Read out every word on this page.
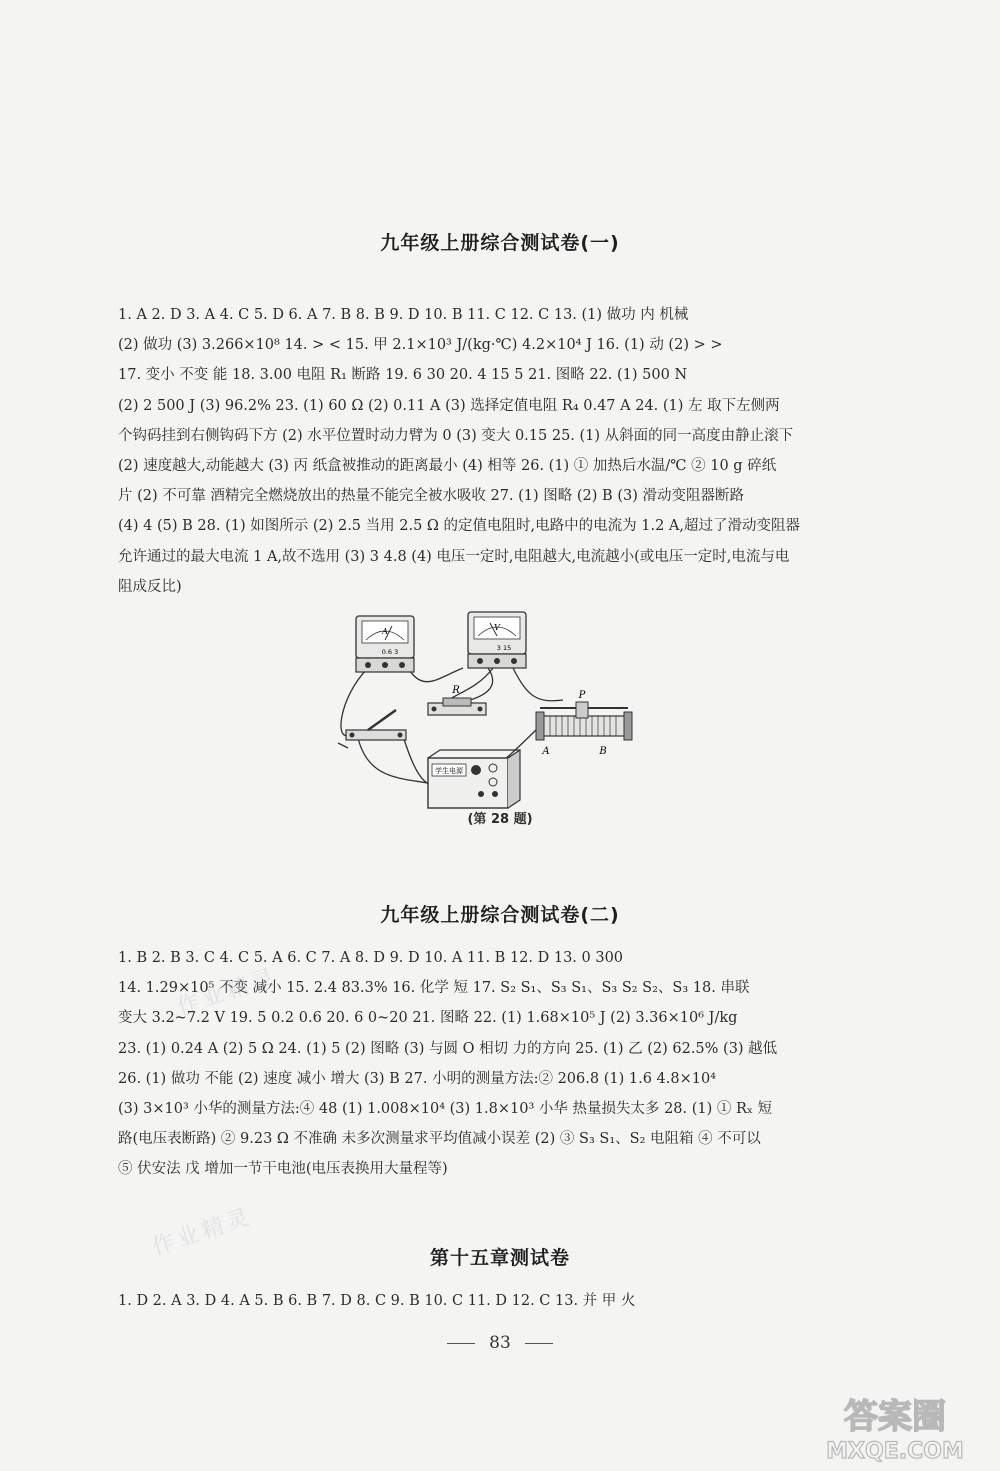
九年级上册综合测试卷(一)
1. A 2. D 3. A 4. C 5. D 6. A 7. B 8. B 9. D 10. B 11. C 12. C 13. (1) 做功 内 机械
(2) 做功 (3) 3.266×10⁸ 14. > < 15. 甲 2.1×10³ J/(kg·℃) 4.2×10⁴ J 16. (1) 动 (2) > >
17. 变小 不变 能 18. 3.00 电阻 R₁ 断路 19. 6 30 20. 4 15 5 21. 图略 22. (1) 500 N
(2) 2 500 J (3) 96.2% 23. (1) 60 Ω (2) 0.11 A (3) 选择定值电阻 R₄ 0.47 A 24. (1) 左 取下左侧两
个钩码挂到右侧钩码下方 (2) 水平位置时动力臂为 0 (3) 变大 0.15 25. (1) 从斜面的同一高度由静止滚下
(2) 速度越大,动能越大 (3) 丙 纸盒被推动的距离最小 (4) 相等 26. (1) ① 加热后水温/℃ ② 10 g 碎纸
片 (2) 不可靠 酒精完全燃烧放出的热量不能完全被水吸收 27. (1) 图略 (2) B (3) 滑动变阻器断路
(4) 4 (5) B 28. (1) 如图所示 (2) 2.5 当用 2.5 Ω 的定值电阻时,电路中的电流为 1.2 A,超过了滑动变阻器
允许通过的最大电流 1 A,故不选用 (3) 3 4.8 (4) 电压一定时,电阻越大,电流越小(或电压一定时,电流与电
阻成反比)
A
0.6 3
V
3 15
R	P
A	B
学生电源
(第 28 题)
九年级上册综合测试卷(二)
1. B 2. B 3. C 4. C 5. A 6. C 7. A 8. D 9. D 10. A 11. B 12. D 13. 0 300
14. 1.29×10⁵ 不变 减小 15. 2.4 83.3% 16. 化学 短 17. S₂ S₁、S₃ S₁、S₃ S₂ S₂、S₃ 18. 串联
变大 3.2~7.2 V 19. 5 0.2 0.6 20. 6 0~20 21. 图略 22. (1) 1.68×10⁵ J (2) 3.36×10⁶ J/kg
23. (1) 0.24 A (2) 5 Ω 24. (1) 5 (2) 图略 (3) 与圆 O 相切 力的方向 25. (1) 乙 (2) 62.5% (3) 越低
26. (1) 做功 不能 (2) 速度 减小 增大 (3) B 27. 小明的测量方法:② 206.8 (1) 1.6 4.8×10⁴
(3) 3×10³ 小华的测量方法:④ 48 (1) 1.008×10⁴ (3) 1.8×10³ 小华 热量损失太多 28. (1) ① Rₓ 短
路(电压表断路) ② 9.23 Ω 不准确 未多次测量求平均值减小误差 (2) ③ S₃ S₁、S₂ 电阻箱 ④ 不可以
⑤ 伏安法 戊 增加一节干电池(电压表换用大量程等)
第十五章测试卷
1. D 2. A 3. D 4. A 5. B 6. B 7. D 8. C 9. B 10. C 11. D 12. C 13. 并 甲 火
83
作业精灵
作业精灵
答案圈
MXQE.COM
